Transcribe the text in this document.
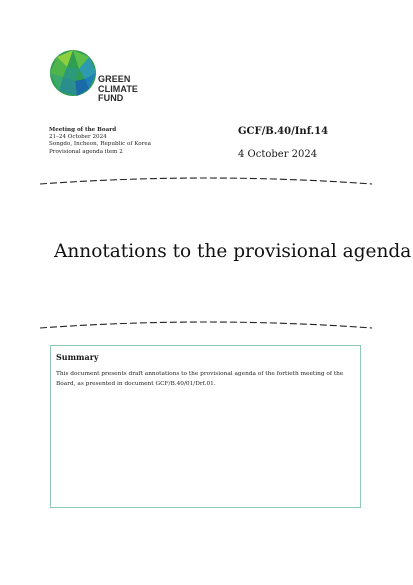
GREEN
CLIMATE
FUND
Meeting of the Board
21–24 October 2024
Songdo, Incheon, Republic of Korea
Provisional agenda item 2
GCF/B.40/Inf.14
4 October 2024
Annotations to the provisional agenda
Summary
This document presents draft annotations to the provisional agenda of the fortieth meeting of the Board, as presented in document GCF/B.40/01/Drf.01.
